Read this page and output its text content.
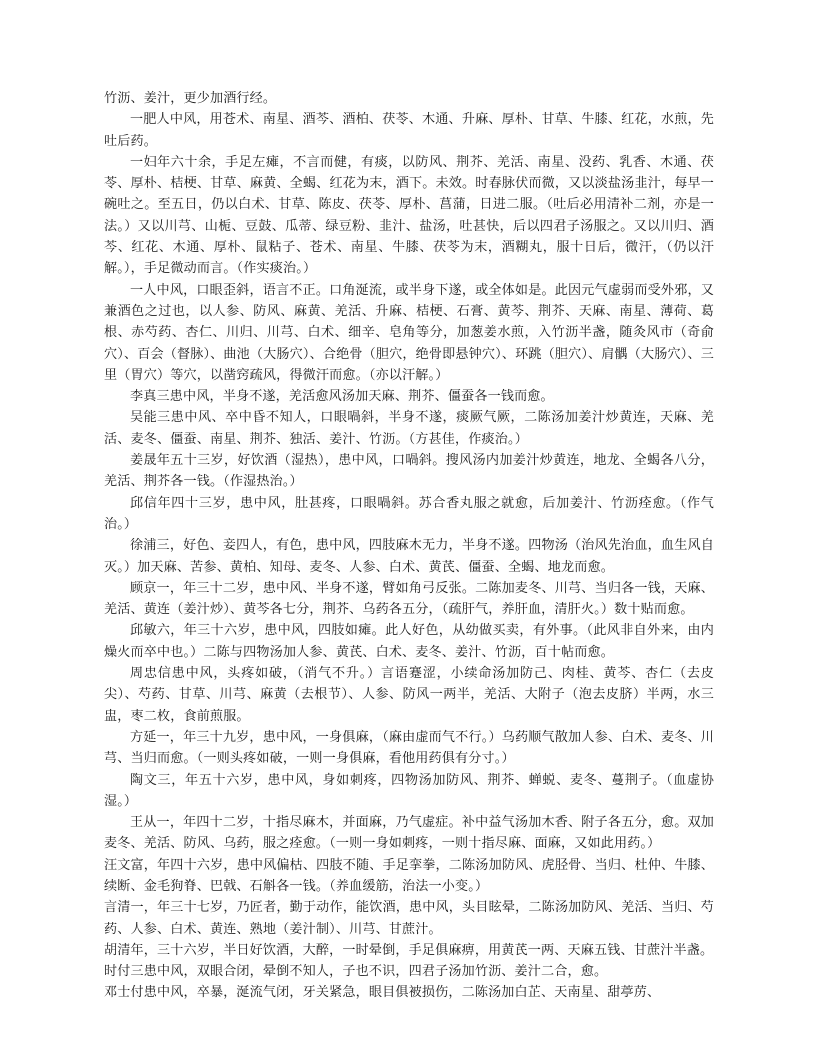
竹沥、姜汁，更少加酒行经。

一肥人中风，用苍术、南星、酒芩、酒柏、茯苓、木通、升麻、厚朴、甘草、牛膝、红花，水煎，先吐后药。

一妇年六十余，手足左瘫，不言而健，有痰，以防风、荆芥、羌活、南星、没药、乳香、木通、茯苓、厚朴、桔梗、甘草、麻黄、全蝎、红花为末，酒下。未效。时春脉伏而微，又以淡盐汤韭汁，每早一碗吐之。至五日，仍以白术、甘草、陈皮、茯苓、厚朴、菖蒲，日进二服。（吐后必用清补二剂，亦是一法。）又以川芎、山栀、豆鼓、瓜蒂、绿豆粉、韭汁、盐汤，吐甚快，后以四君子汤服之。又以川归、酒芩、红花、木通、厚朴、鼠粘子、苍术、南星、牛膝、茯苓为末，酒糊丸，服十日后，微汗，（仍以汗解。），手足微动而言。（作实痰治。）

一人中风，口眼歪斜，语言不正。口角涎流，或半身下遂，或全体如是。此因元气虚弱而受外邪，又兼酒色之过也，以人参、防风、麻黄、羌活、升麻、桔梗、石膏、黄芩、荆芥、天麻、南星、薄荷、葛根、赤芍药、杏仁、川归、川芎、白术、细辛、皂角等分，加葱姜水煎，入竹沥半盏，随灸风市（奇俞穴）、百会（督脉）、曲池（大肠穴）、合绝骨（胆穴，绝骨即悬钟穴）、环跳（胆穴）、肩髃（大肠穴）、三里（胃穴）等穴，以凿窍疏风，得微汗而愈。（亦以汗解。）

李真三患中风，半身不遂，羌活愈风汤加天麻、荆芥、僵蚕各一钱而愈。

吴能三患中风、卒中昏不知人，口眼喎斜，半身不遂，痰厥气厥，二陈汤加姜汁炒黄连，天麻、羌活、麦冬、僵蚕、南星、荆芥、独活、姜汁、竹沥。（方甚佳，作痰治。）

姜晟年五十三岁，好饮酒（湿热），患中风，口喎斜。搜风汤内加姜汁炒黄连，地龙、全蝎各八分，羌活、荆芥各一钱。（作湿热治。）

邱信年四十三岁，患中风，肚甚疼，口眼喎斜。苏合香丸服之就愈，后加姜汁、竹沥痊愈。（作气治。）

徐浦三，好色、妾四人，有色，患中风，四肢麻木无力，半身不遂。四物汤（治风先治血，血生风自灭。）加天麻、苦参、黄柏、知母、麦冬、人参、白术、黄芪、僵蚕、全蝎、地龙而愈。

顾京一，年三十二岁，患中风、半身不遂，臂如角弓反张。二陈加麦冬、川芎、当归各一钱，天麻、羌活、黄连（姜汁炒）、黄芩各七分，荆芥、乌药各五分，（疏肝气，养肝血，清肝火。）数十贴而愈。

邱敏六，年三十六岁，患中风，四肢如瘫。此人好色，从幼做买卖，有外事。（此风非自外来，由内燥火而卒中也。）二陈与四物汤加人参、黄芪、白术、麦冬、姜汁、竹沥，百十帖而愈。

周忠信患中风，头疼如破，（消气不升。）言语蹇涩，小续命汤加防己、肉桂、黄芩、杏仁（去皮尖）、芍药、甘草、川芎、麻黄（去根节）、人参、防风一两半，羌活、大附子（泡去皮脐）半两，水三盅，枣二枚，食前煎服。

方延一，年三十九岁，患中风，一身俱麻，（麻由虚而气不行。）乌药顺气散加人参、白术、麦冬、川芎、当归而愈。（一则头疼如破，一则一身俱麻，看他用药俱有分寸。）

陶文三，年五十六岁，患中风，身如刺疼，四物汤加防风、荆芥、蝉蜕、麦冬、蔓荆子。（血虚协湿。）

王从一，年四十二岁，十指尽麻木，并面麻，乃气虚症。补中益气汤加木香、附子各五分，愈。双加麦冬、羌活、防风、乌药，服之痊愈。（一则一身如刺疼，一则十指尽麻、面麻，又如此用药。）

汪文富，年四十六岁，患中风偏枯、四肢不随、手足挛拳，二陈汤加防风、虎胫骨、当归、杜仲、牛膝、续断、金毛狗脊、巴戟、石斛各一钱。（养血缓筋，治法一小变。）

言清一，年三十七岁，乃匠者，勤于动作，能饮酒，患中风，头目眩晕，二陈汤加防风、羌活、当归、芍药、人参、白术、黄连、熟地（姜汁制）、川芎、甘蔗汁。

胡清年，三十六岁，半日好饮酒，大醉，一时晕倒，手足俱麻痹，用黄芪一两、天麻五钱、甘蔗汁半盏。

时付三患中风，双眼合闭，晕倒不知人，子也不识，四君子汤加竹沥、姜汁二合，愈。

邓士付患中风，卒暴，涎流气闭，牙关紧急，眼目俱被损伤，二陈汤加白芷、天南星、甜葶苈、
